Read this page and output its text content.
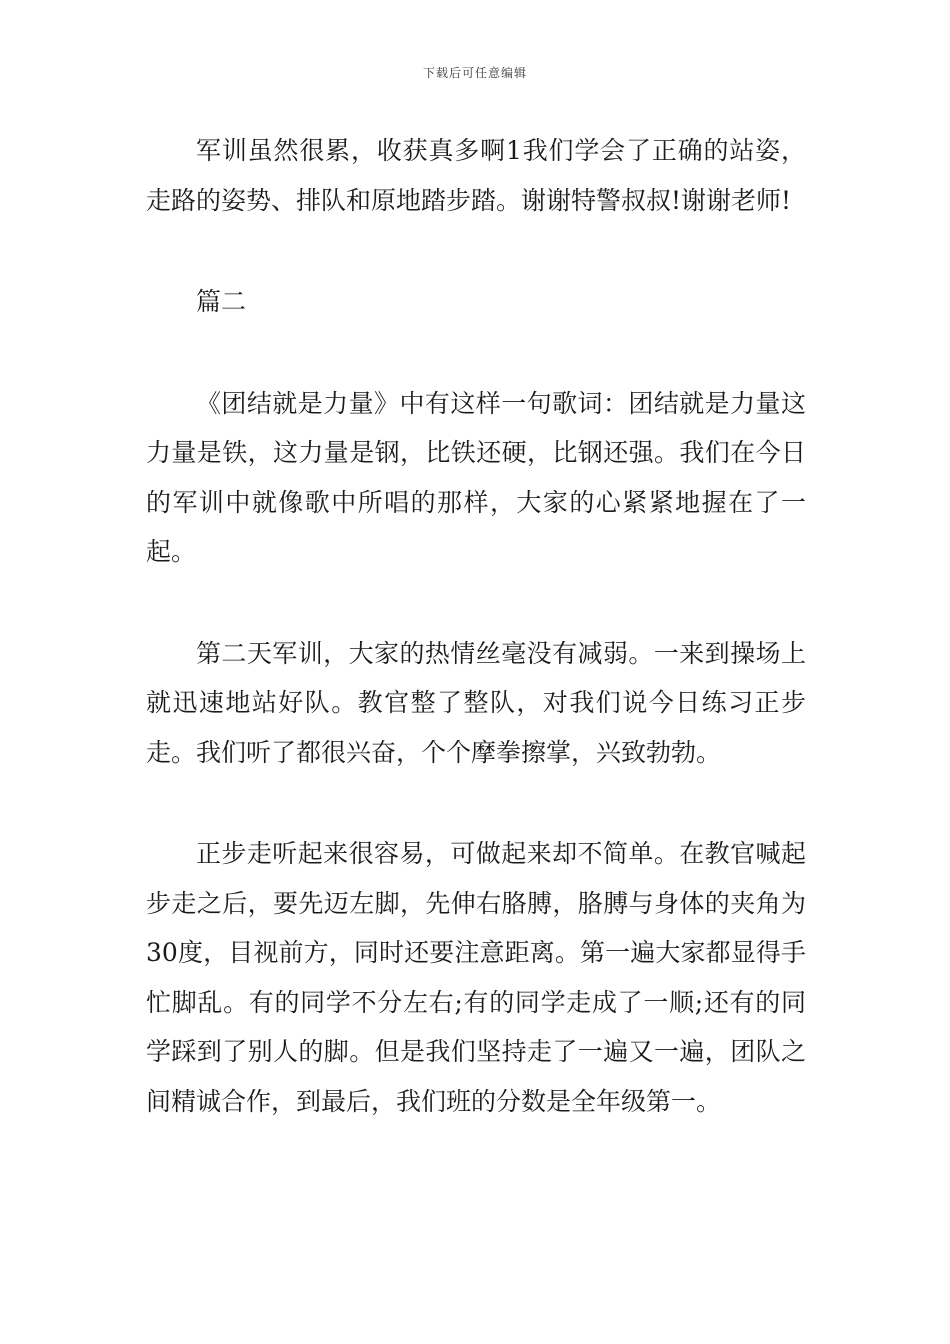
下载后可任意编辑

军训虽然很累，收获真多啊1我们学会了正确的站姿，走路的姿势、排队和原地踏步踏。谢谢特警叔叔!谢谢老师!

篇二

《团结就是力量》中有这样一句歌词：团结就是力量这力量是铁，这力量是钢，比铁还硬，比钢还强。我们在今日的军训中就像歌中所唱的那样，大家的心紧紧地握在了一起。

第二天军训，大家的热情丝毫没有减弱。一来到操场上就迅速地站好队。教官整了整队，对我们说今日练习正步走。我们听了都很兴奋，个个摩拳擦掌，兴致勃勃。

正步走听起来很容易，可做起来却不简单。在教官喊起步走之后，要先迈左脚，先伸右胳膊，胳膊与身体的夹角为30度，目视前方，同时还要注意距离。第一遍大家都显得手忙脚乱。有的同学不分左右;有的同学走成了一顺;还有的同学踩到了别人的脚。但是我们坚持走了一遍又一遍，团队之间精诚合作，到最后，我们班的分数是全年级第一。
